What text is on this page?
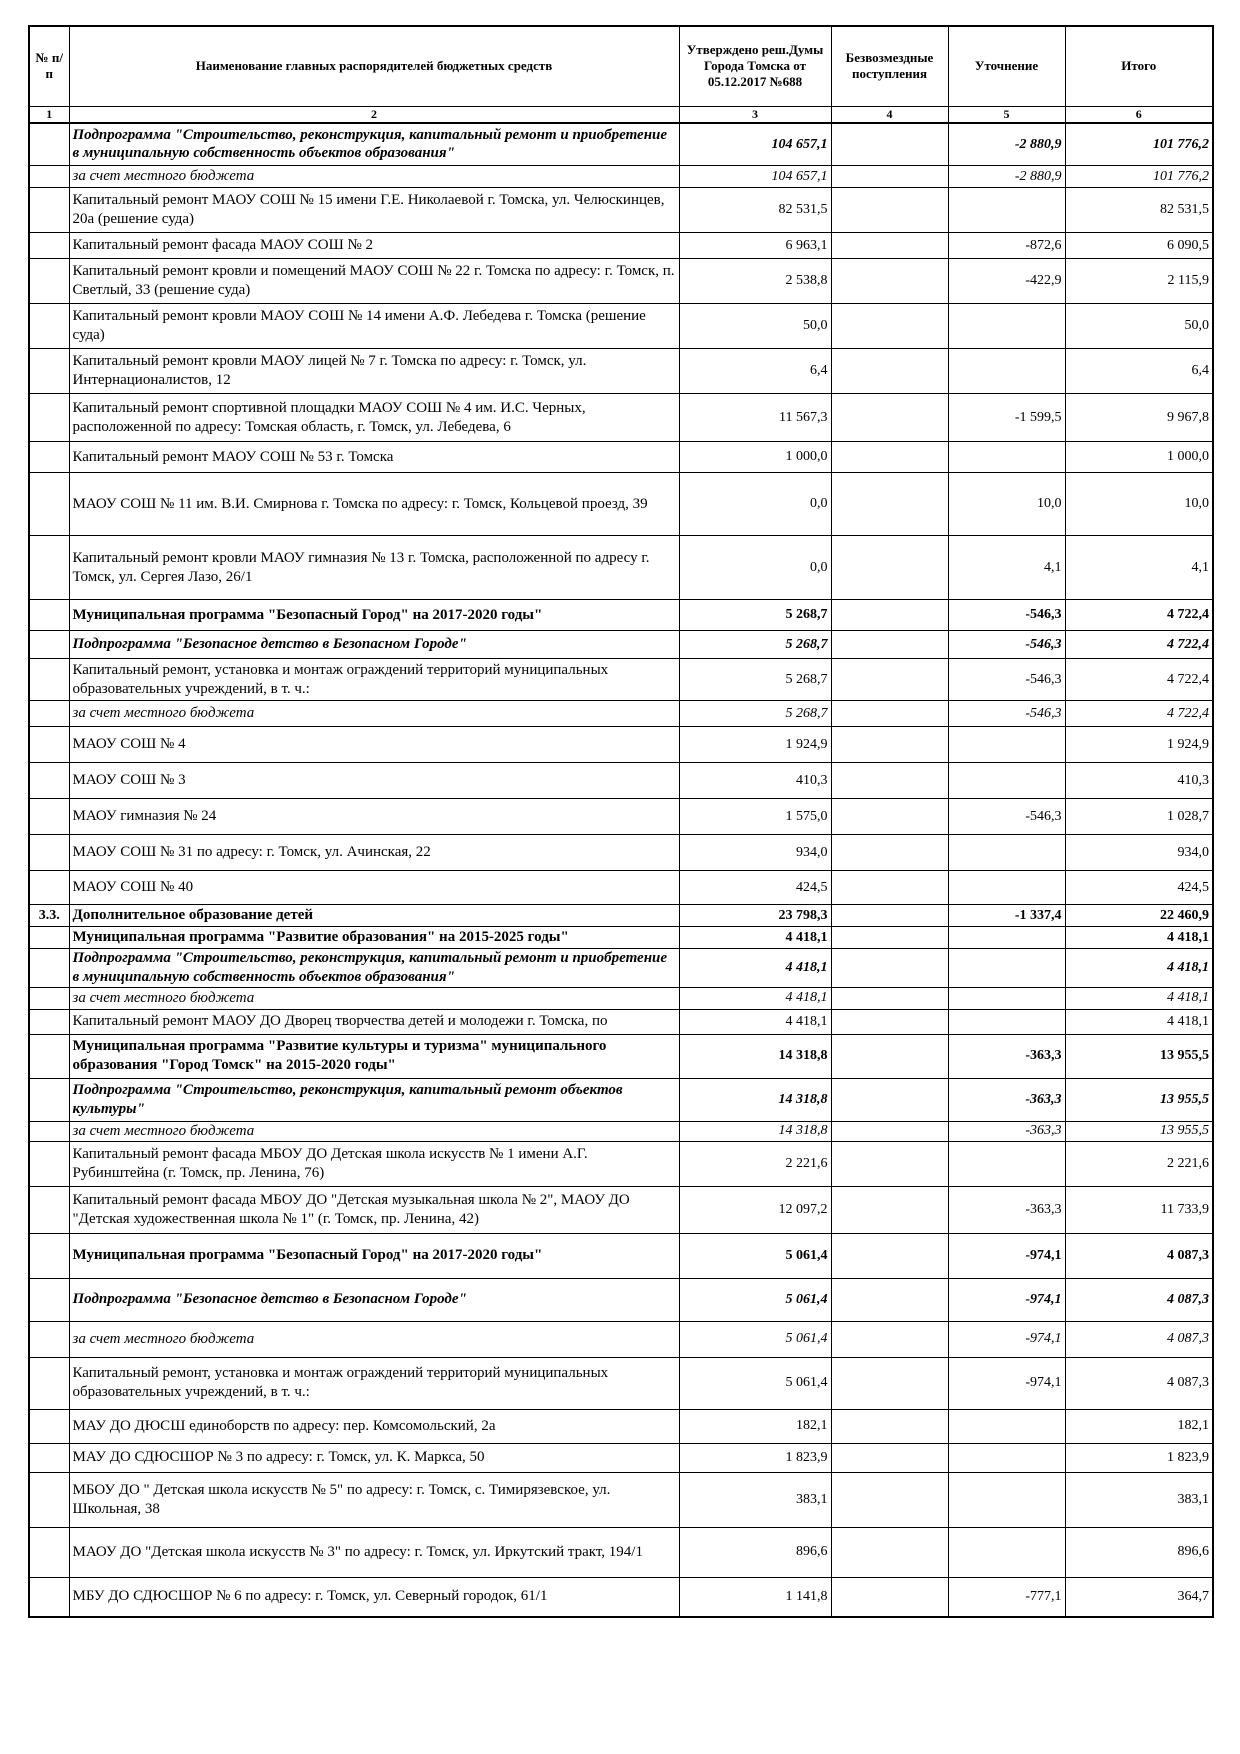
№ п/п	Наименование главных распорядителей бюджетных средств	Утверждено реш.Думы Города Томска от 05.12.2017 №688	Безвозмездные поступления	Уточнение	Итого
1	2	3	4	5	6
	Подпрограмма "Строительство, реконструкция, капитальный ремонт и приобретение в муниципальную собственность объектов образования"	104 657,1		-2 880,9	101 776,2
	за счет местного бюджета	104 657,1		-2 880,9	101 776,2
	Капитальный ремонт МАОУ СОШ № 15 имени Г.Е. Николаевой г. Томска, ул. Челюскинцев, 20а (решение суда)	82 531,5			82 531,5
	Капитальный ремонт фасада МАОУ СОШ № 2	6 963,1		-872,6	6 090,5
	Капитальный ремонт кровли и помещений МАОУ СОШ № 22 г. Томска по адресу: г. Томск, п. Светлый, 33 (решение суда)	2 538,8		-422,9	2 115,9
	Капитальный ремонт кровли МАОУ СОШ № 14 имени А.Ф. Лебедева г. Томска (решение суда)	50,0			50,0
	Капитальный ремонт кровли МАОУ лицей № 7 г. Томска по адресу: г. Томск, ул. Интернационалистов, 12	6,4			6,4
	Капитальный ремонт спортивной площадки МАОУ СОШ № 4 им. И.С. Черных, расположенной по адресу: Томская область, г. Томск, ул. Лебедева, 6	11 567,3		-1 599,5	9 967,8
	Капитальный ремонт МАОУ СОШ № 53 г. Томска	1 000,0			1 000,0
	МАОУ СОШ № 11 им. В.И. Смирнова г. Томска по адресу: г. Томск, Кольцевой проезд, 39	0,0		10,0	10,0
	Капитальный ремонт кровли МАОУ гимназия № 13 г. Томска, расположенной по адресу г. Томск, ул. Сергея Лазо, 26/1	0,0		4,1	4,1
	Муниципальная программа "Безопасный Город" на 2017-2020 годы"	5 268,7		-546,3	4 722,4
	Подпрограмма "Безопасное детство в Безопасном Городе"	5 268,7		-546,3	4 722,4
	Капитальный ремонт, установка и монтаж ограждений территорий муниципальных образовательных учреждений, в т. ч.:	5 268,7		-546,3	4 722,4
	за счет местного бюджета	5 268,7		-546,3	4 722,4
	МАОУ СОШ № 4	1 924,9			1 924,9
	МАОУ СОШ № 3	410,3			410,3
	МАОУ гимназия № 24	1 575,0		-546,3	1 028,7
	МАОУ СОШ № 31 по адресу: г. Томск, ул. Ачинская, 22	934,0			934,0
	МАОУ СОШ № 40	424,5			424,5
3.3.	Дополнительное образование детей	23 798,3		-1 337,4	22 460,9
	Муниципальная программа "Развитие образования" на 2015-2025 годы"	4 418,1			4 418,1
	Подпрограмма "Строительство, реконструкция, капитальный ремонт и приобретение в муниципальную собственность объектов образования"	4 418,1			4 418,1
	за счет местного бюджета	4 418,1			4 418,1
	Капитальный ремонт МАОУ ДО Дворец творчества детей и молодежи г. Томска, по	4 418,1			4 418,1
	Муниципальная программа "Развитие культуры и туризма" муниципального образования "Город Томск" на 2015-2020 годы"	14 318,8		-363,3	13 955,5
	Подпрограмма "Строительство, реконструкция, капитальный ремонт объектов культуры"	14 318,8		-363,3	13 955,5
	за счет местного бюджета	14 318,8		-363,3	13 955,5
	Капитальный ремонт фасада МБОУ ДО Детская школа искусств № 1 имени А.Г. Рубинштейна (г. Томск, пр. Ленина, 76)	2 221,6			2 221,6
	Капитальный ремонт фасада МБОУ ДО "Детская музыкальная школа № 2", МАОУ ДО "Детская художественная школа № 1" (г. Томск, пр. Ленина, 42)	12 097,2		-363,3	11 733,9
	Муниципальная программа "Безопасный Город" на 2017-2020 годы"	5 061,4		-974,1	4 087,3
	Подпрограмма "Безопасное детство в Безопасном Городе"	5 061,4		-974,1	4 087,3
	за счет местного бюджета	5 061,4		-974,1	4 087,3
	Капитальный ремонт, установка и монтаж ограждений территорий муниципальных образовательных учреждений, в т. ч.:	5 061,4		-974,1	4 087,3
	МАУ ДО ДЮСШ единоборств по адресу: пер. Комсомольский, 2а	182,1			182,1
	МАУ ДО СДЮСШОР № 3 по адресу: г. Томск, ул. К. Маркса, 50	1 823,9			1 823,9
	МБОУ ДО " Детская школа искусств № 5" по адресу: г. Томск, с. Тимирязевское, ул. Школьная, 38	383,1			383,1
	МАОУ ДО "Детская школа искусств № 3" по адресу: г. Томск, ул. Иркутский тракт, 194/1	896,6			896,6
	МБУ ДО СДЮСШОР № 6 по адресу: г. Томск, ул. Северный городок, 61/1	1 141,8		-777,1	364,7
